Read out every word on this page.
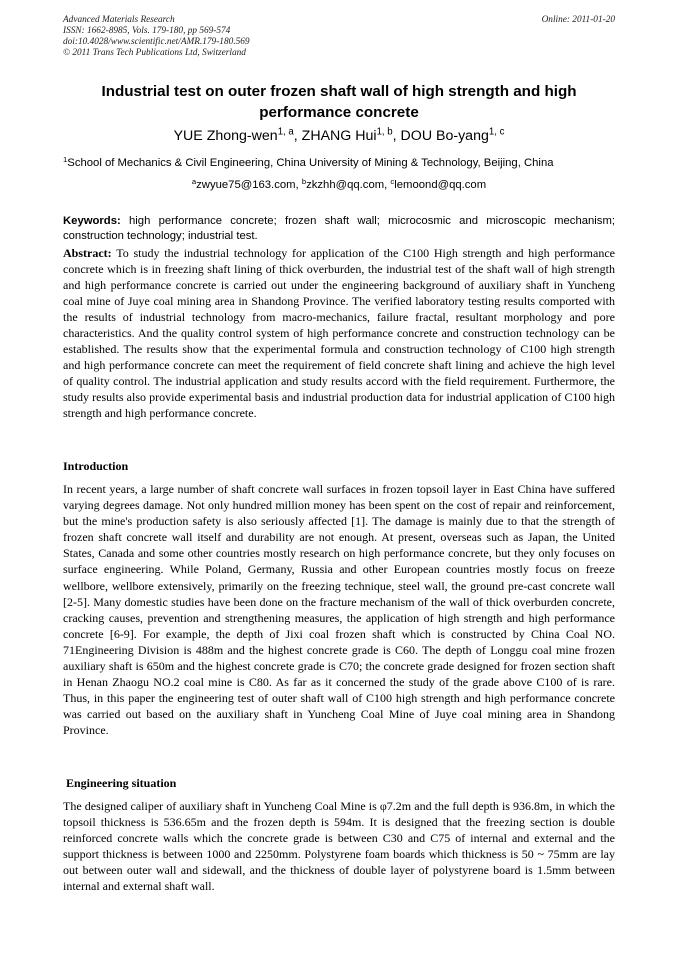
Advanced Materials Research
ISSN: 1662-8985, Vols. 179-180, pp 569-574
doi:10.4028/www.scientific.net/AMR.179-180.569
© 2011 Trans Tech Publications Ltd, Switzerland
Online: 2011-01-20
Industrial test on outer frozen shaft wall of high strength and high performance concrete
YUE Zhong-wen$^{1, a}$, ZHANG Hui$^{1, b}$, DOU Bo-yang$^{1, c}$
$^1$School of Mechanics & Civil Engineering, China University of Mining & Technology, Beijing, China
$^a$zwyue75@163.com, $^b$zkzhh@qq.com, $^c$lemoond@qq.com
Keywords: high performance concrete; frozen shaft wall; microcosmic and microscopic mechanism; construction technology; industrial test.
Abstract: To study the industrial technology for application of the C100 High strength and high performance concrete which is in freezing shaft lining of thick overburden, the industrial test of the shaft wall of high strength and high performance concrete is carried out under the engineering background of auxiliary shaft in Yuncheng coal mine of Juye coal mining area in Shandong Province. The verified laboratory testing results comported with the results of industrial technology from macro-mechanics, failure fractal, resultant morphology and pore characteristics. And the quality control system of high performance concrete and construction technology can be established. The results show that the experimental formula and construction technology of C100 high strength and high performance concrete can meet the requirement of field concrete shaft lining and achieve the high level of quality control. The industrial application and study results accord with the field requirement. Furthermore, the study results also provide experimental basis and industrial production data for industrial application of C100 high strength and high performance concrete.
Introduction
In recent years, a large number of shaft concrete wall surfaces in frozen topsoil layer in East China have suffered varying degrees damage. Not only hundred million money has been spent on the cost of repair and reinforcement, but the mine's production safety is also seriously affected [1]. The damage is mainly due to that the strength of frozen shaft concrete wall itself and durability are not enough. At present, overseas such as Japan, the United States, Canada and some other countries mostly research on high performance concrete, but they only focuses on surface engineering. While Poland, Germany, Russia and other European countries mostly focus on freeze wellbore, wellbore extensively, primarily on the freezing technique, steel wall, the ground pre-cast concrete wall [2-5]. Many domestic studies have been done on the fracture mechanism of the wall of thick overburden concrete, cracking causes, prevention and strengthening measures, the application of high strength and high performance concrete [6-9]. For example, the depth of Jixi coal frozen shaft which is constructed by China Coal NO. 71Engineering Division is 488m and the highest concrete grade is C60. The depth of Longgu coal mine frozen auxiliary shaft is 650m and the highest concrete grade is C70; the concrete grade designed for frozen section shaft in Henan Zhaogu NO.2 coal mine is C80. As far as it concerned the study of the grade above C100 of is rare. Thus, in this paper the engineering test of outer shaft wall of C100 high strength and high performance concrete was carried out based on the auxiliary shaft in Yuncheng Coal Mine of Juye coal mining area in Shandong Province.
Engineering situation
The designed caliper of auxiliary shaft in Yuncheng Coal Mine is φ7.2m and the full depth is 936.8m, in which the topsoil thickness is 536.65m and the frozen depth is 594m. It is designed that the freezing section is double reinforced concrete walls which the concrete grade is between C30 and C75 of internal and external and the support thickness is between 1000 and 2250mm. Polystyrene foam boards which thickness is 50 ~ 75mm are lay out between outer wall and sidewall, and the thickness of double layer of polystyrene board is 1.5mm between internal and external shaft wall.
